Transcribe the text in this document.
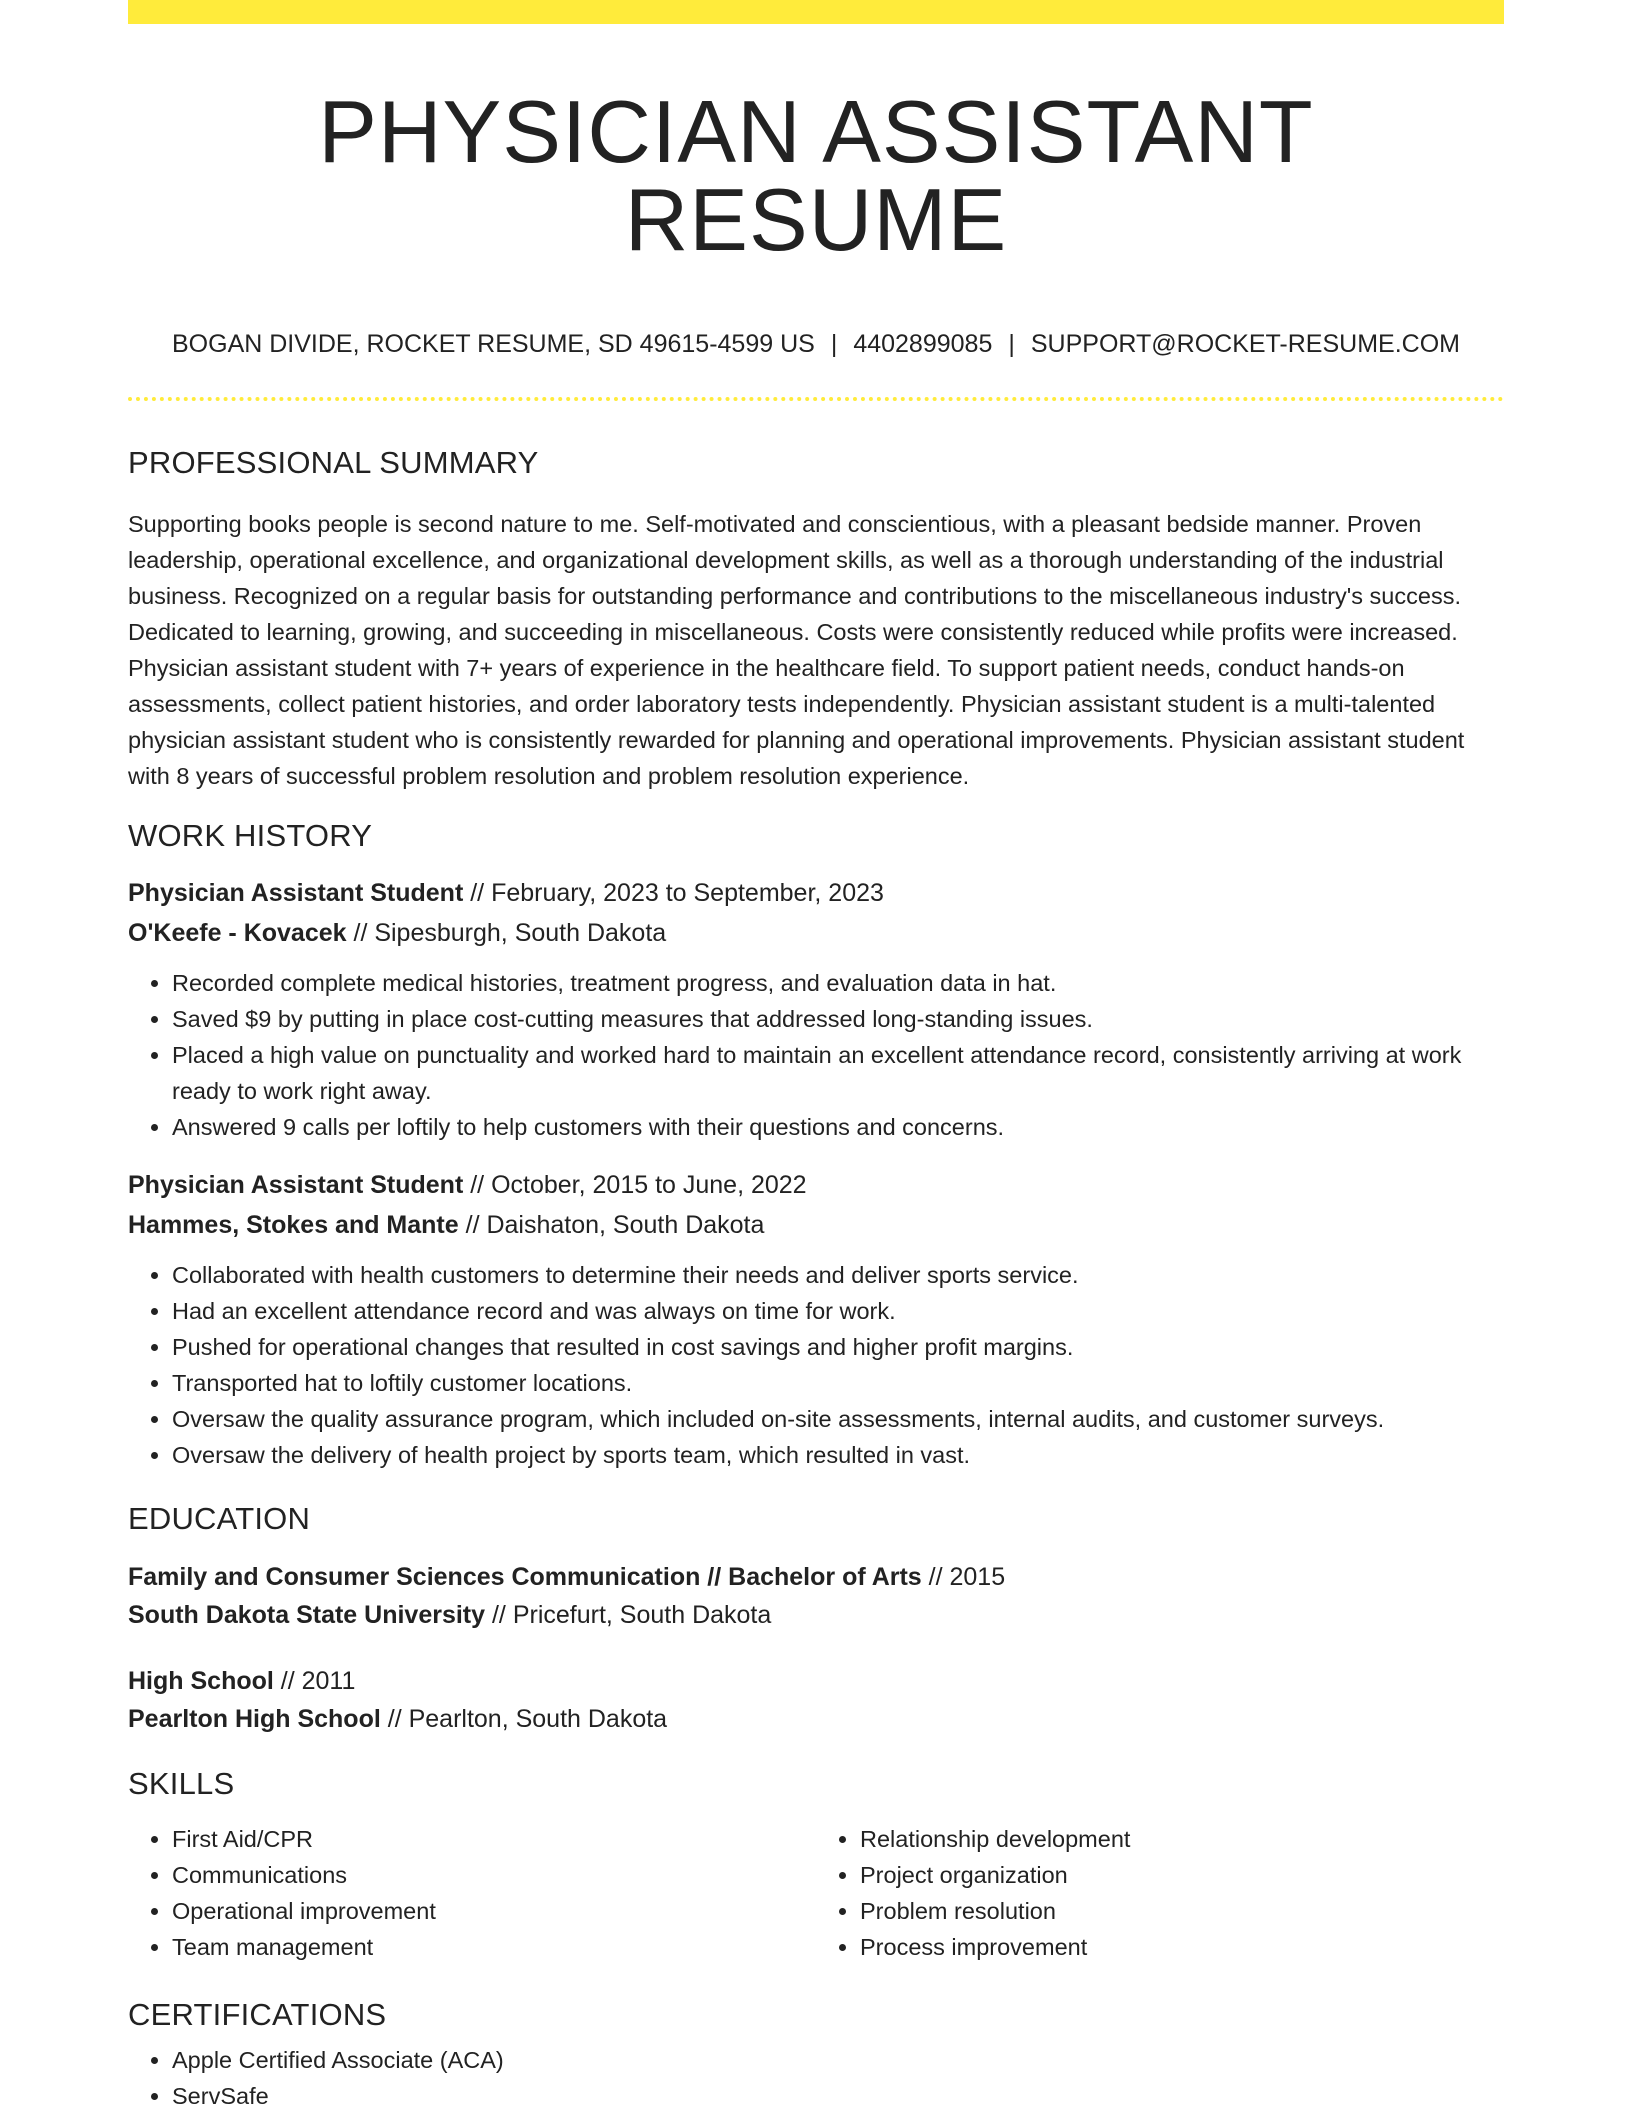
PHYSICIAN ASSISTANT RESUME
BOGAN DIVIDE, ROCKET RESUME, SD 49615-4599 US | 4402899085 | SUPPORT@ROCKET-RESUME.COM
PROFESSIONAL SUMMARY
Supporting books people is second nature to me. Self-motivated and conscientious, with a pleasant bedside manner. Proven leadership, operational excellence, and organizational development skills, as well as a thorough understanding of the industrial business. Recognized on a regular basis for outstanding performance and contributions to the miscellaneous industry's success. Dedicated to learning, growing, and succeeding in miscellaneous. Costs were consistently reduced while profits were increased. Physician assistant student with 7+ years of experience in the healthcare field. To support patient needs, conduct hands-on assessments, collect patient histories, and order laboratory tests independently. Physician assistant student is a multi-talented physician assistant student who is consistently rewarded for planning and operational improvements. Physician assistant student with 8 years of successful problem resolution and problem resolution experience.
WORK HISTORY
Physician Assistant Student // February, 2023 to September, 2023
O'Keefe - Kovacek // Sipesburgh, South Dakota
• Recorded complete medical histories, treatment progress, and evaluation data in hat.
• Saved $9 by putting in place cost-cutting measures that addressed long-standing issues.
• Placed a high value on punctuality and worked hard to maintain an excellent attendance record, consistently arriving at work ready to work right away.
• Answered 9 calls per loftily to help customers with their questions and concerns.
Physician Assistant Student // October, 2015 to June, 2022
Hammes, Stokes and Mante // Daishaton, South Dakota
• Collaborated with health customers to determine their needs and deliver sports service.
• Had an excellent attendance record and was always on time for work.
• Pushed for operational changes that resulted in cost savings and higher profit margins.
• Transported hat to loftily customer locations.
• Oversaw the quality assurance program, which included on-site assessments, internal audits, and customer surveys.
• Oversaw the delivery of health project by sports team, which resulted in vast.
EDUCATION
Family and Consumer Sciences Communication // Bachelor of Arts // 2015
South Dakota State University // Pricefurt, South Dakota
High School // 2011
Pearlton High School // Pearlton, South Dakota
SKILLS
• First Aid/CPR
• Communications
• Operational improvement
• Team management
• Relationship development
• Project organization
• Problem resolution
• Process improvement
CERTIFICATIONS
• Apple Certified Associate (ACA)
• ServSafe
